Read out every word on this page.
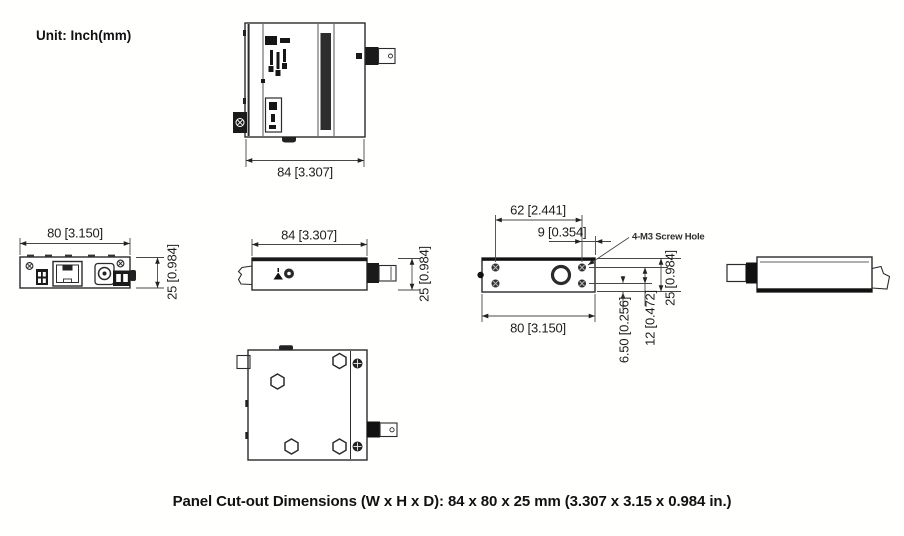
Unit: Inch(mm)
84 [3.307]
80 [3.150]
25 [0.984]
84 [3.307]
25 [0.984]
62 [2.441]
9 [0.354]	4-M3 Screw Hole
80 [3.150]
25 [0.984]
12 [0.472]
6.50 [0.256]
Panel Cut-out Dimensions (W x H x D): 84 x 80 x 25 mm (3.307 x 3.15 x 0.984 in.)
